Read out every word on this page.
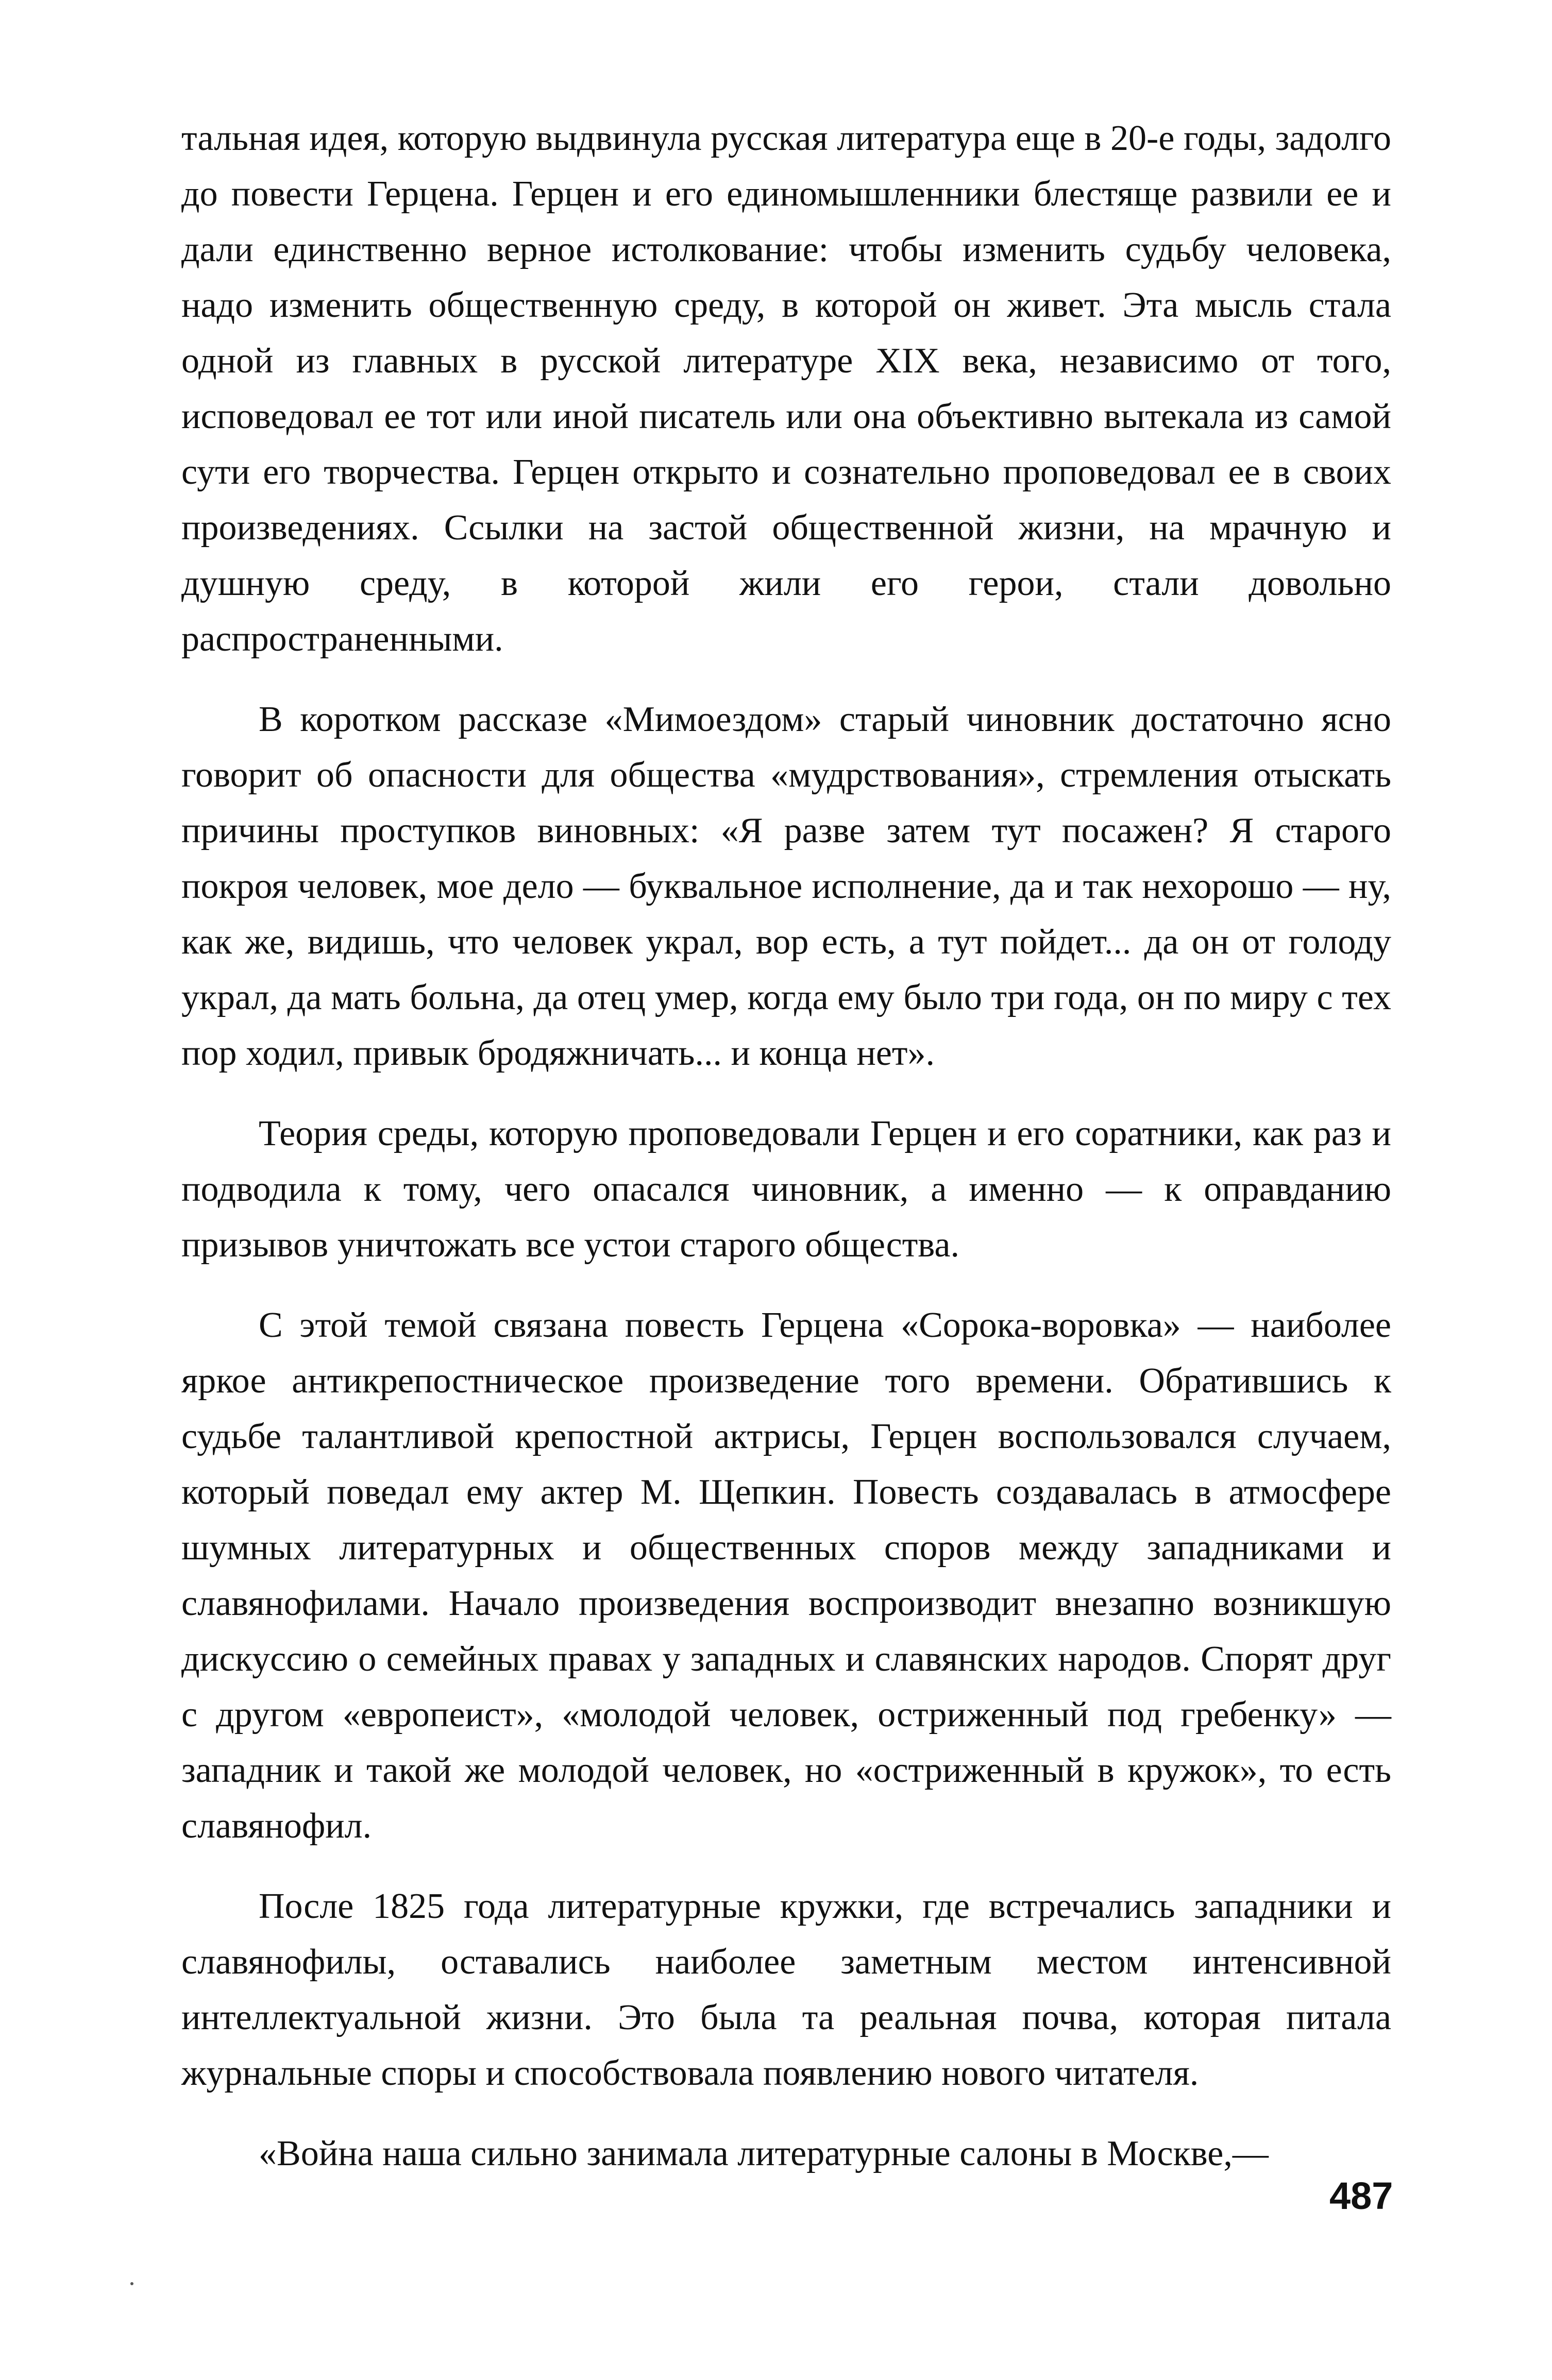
тальная идея, которую выдвинула русская литература еще в 20-е годы, задолго до повести Герцена. Герцен и его единомышленники блестяще развили ее и дали единственно верное истолкование: чтобы изменить судьбу человека, надо изменить общественную среду, в которой он живет. Эта мысль стала одной из главных в русской литературе XIX века, независимо от того, исповедовал ее тот или иной писатель или она объективно вытекала из самой сути его творчества. Герцен открыто и сознательно проповедовал ее в своих произведениях. Ссылки на застой общественной жизни, на мрачную и душную среду, в которой жили его герои, стали довольно распространенными.

В коротком рассказе «Мимоездом» старый чиновник достаточно ясно говорит об опасности для общества «мудрствования», стремления отыскать причины проступков виновных: «Я разве затем тут посажен? Я старого покроя человек, мое дело — буквальное исполнение, да и так нехорошо — ну, как же, видишь, что человек украл, вор есть, а тут пойдет... да он от голоду украл, да мать больна, да отец умер, когда ему было три года, он по миру с тех пор ходил, привык бродяжничать... и конца нет».

Теория среды, которую проповедовали Герцен и его соратники, как раз и подводила к тому, чего опасался чиновник, а именно — к оправданию призывов уничтожать все устои старого общества.

С этой темой связана повесть Герцена «Сорока-воровка» — наиболее яркое антикрепостническое произведение того времени. Обратившись к судьбе талантливой крепостной актрисы, Герцен воспользовался случаем, который поведал ему актер М. Щепкин. Повесть создавалась в атмосфере шумных литературных и общественных споров между западниками и славянофилами. Начало произведения воспроизводит внезапно возникшую дискуссию о семейных правах у западных и славянских народов. Спорят друг с другом «европеист», «молодой человек, остриженный под гребенку» — западник и такой же молодой человек, но «остриженный в кружок», то есть славянофил.

После 1825 года литературные кружки, где встречались западники и славянофилы, оставались наиболее заметным местом интенсивной интеллектуальной жизни. Это была та реальная почва, которая питала журнальные споры и способствовала появлению нового читателя.

«Война наша сильно занимала литературные салоны в Москве,—

487
